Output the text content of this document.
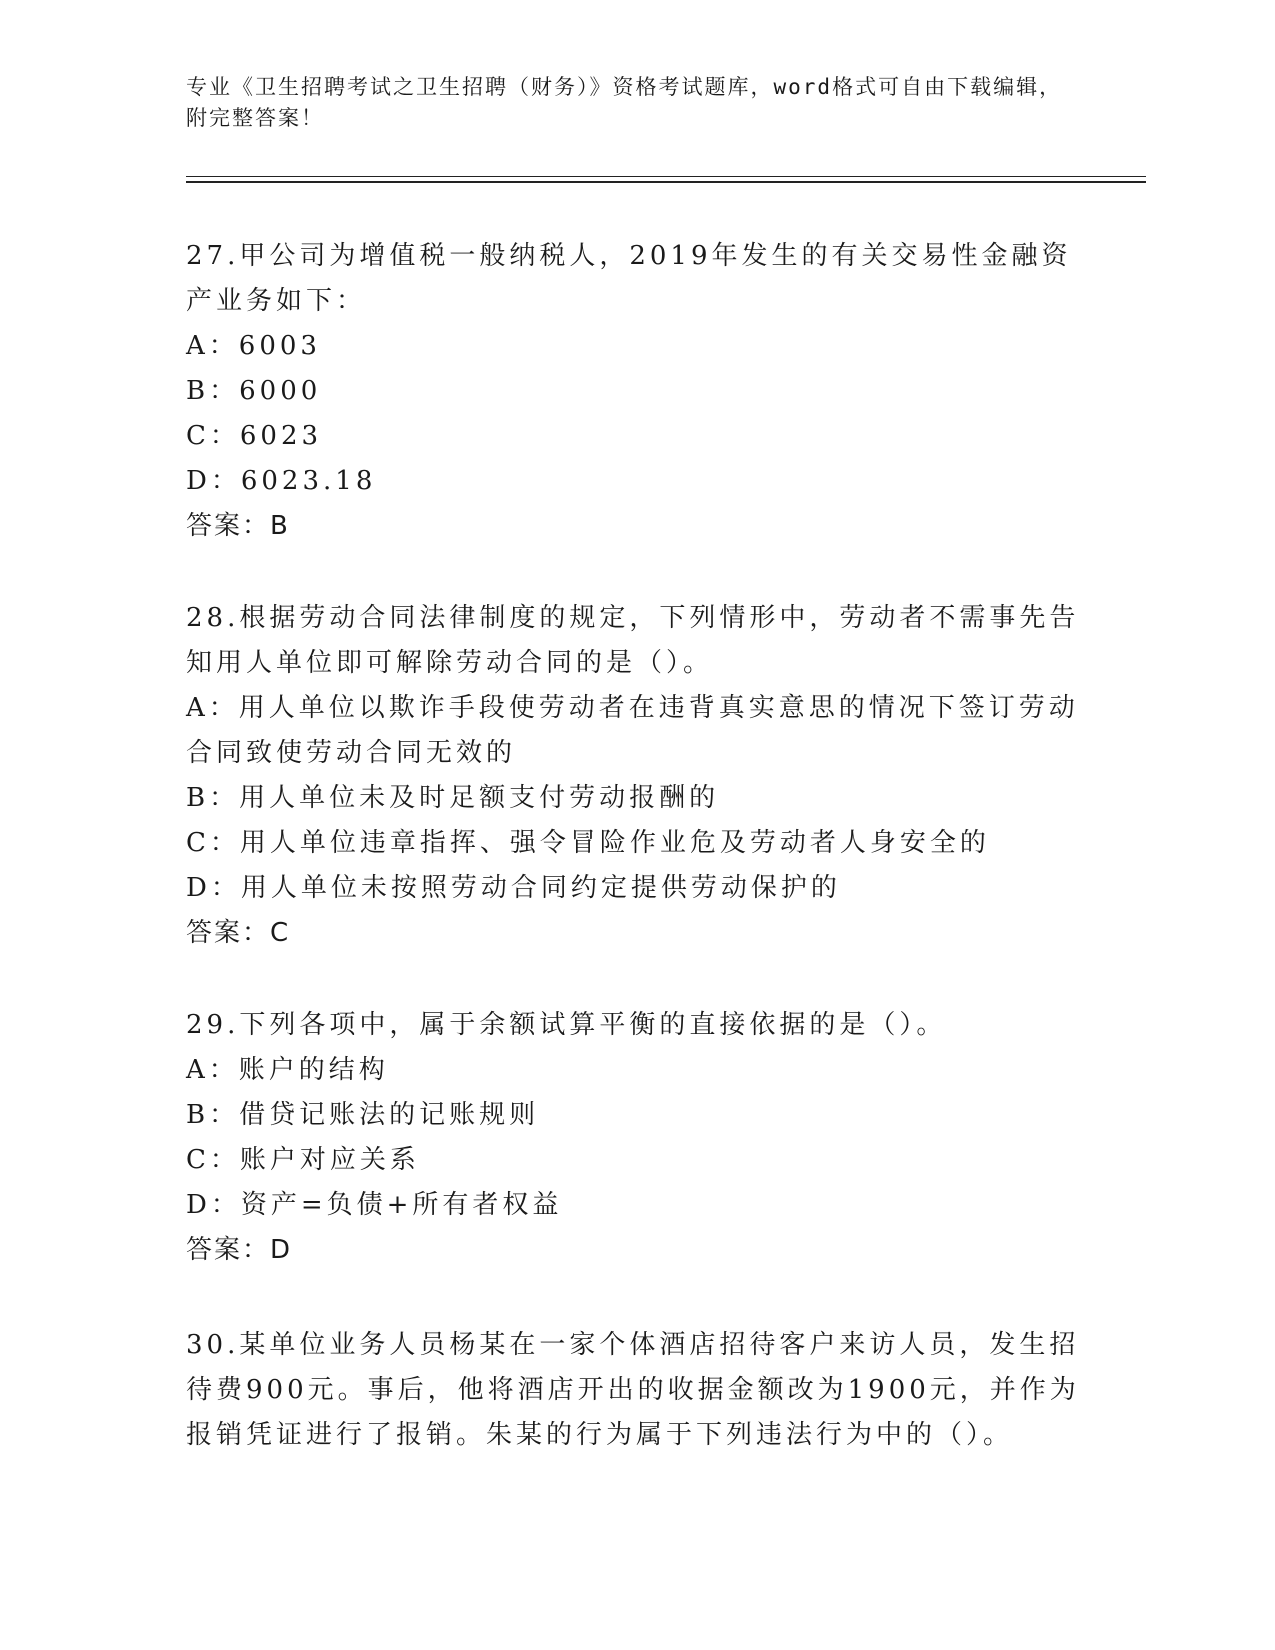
专业《卫生招聘考试之卫生招聘（财务）》资格考试题库，word格式可自由下载编辑，附完整答案！

27.甲公司为增值税一般纳税人，2019年发生的有关交易性金融资产业务如下：

A：6003

B：6000

C：6023

D：6023.18

答案：B

28.根据劳动合同法律制度的规定，下列情形中，劳动者不需事先告知用人单位即可解除劳动合同的是（）。

A：用人单位以欺诈手段使劳动者在违背真实意思的情况下签订劳动合同致使劳动合同无效的

B：用人单位未及时足额支付劳动报酬的

C：用人单位违章指挥、强令冒险作业危及劳动者人身安全的

D：用人单位未按照劳动合同约定提供劳动保护的

答案：C

29.下列各项中，属于余额试算平衡的直接依据的是（）。

A：账户的结构

B：借贷记账法的记账规则

C：账户对应关系

D：资产=负债+所有者权益

答案：D

30.某单位业务人员杨某在一家个体酒店招待客户来访人员，发生招待费900元。事后，他将酒店开出的收据金额改为1900元，并作为报销凭证进行了报销。朱某的行为属于下列违法行为中的（）。
